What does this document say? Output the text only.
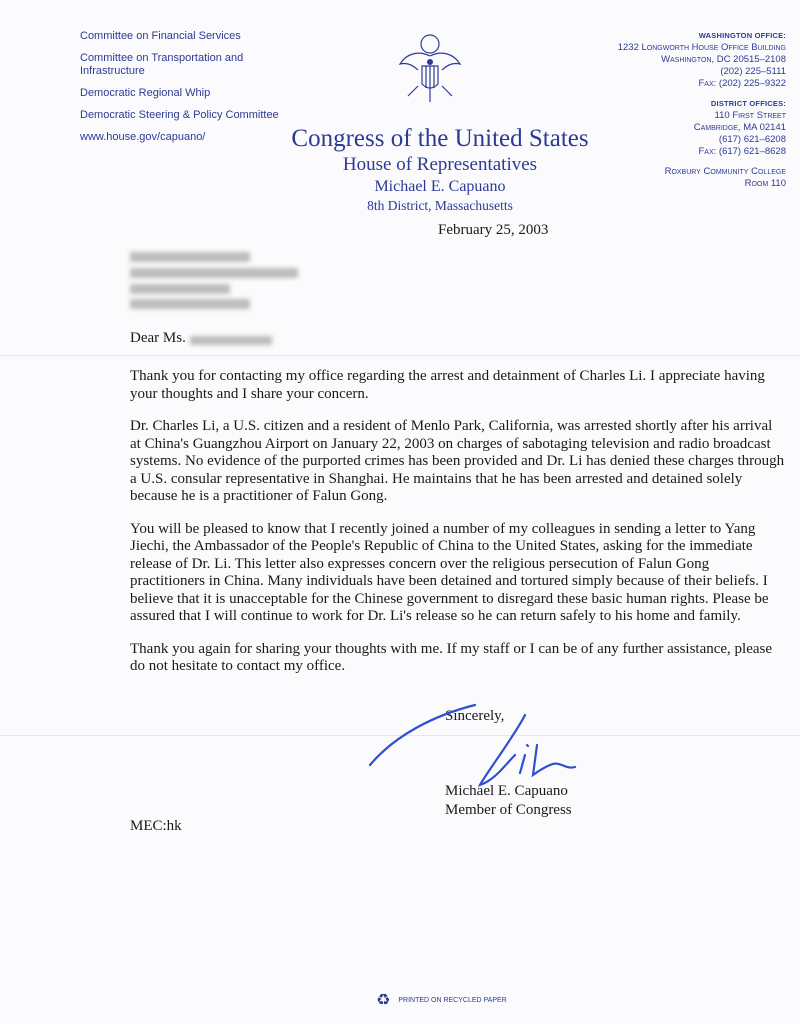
Committee on Financial Services
Committee on Transportation and Infrastructure
Democratic Regional Whip
Democratic Steering & Policy Committee
www.house.gov/capuano/	Congress of the United States
House of Representatives
Michael E. Capuano
8th District, Massachusetts
WASHINGTON OFFICE:
1232 Longworth House Office Building
Washington, DC 20515–2108
(202) 225–5111
Fax: (202) 225–9322
DISTRICT OFFICES:
110 First Street
Cambridge, MA 02141
(617) 621–6208
Fax: (617) 621–8628
Roxbury Community College
Room 110
February 25, 2003
Dear Ms.

Thank you for contacting my office regarding the arrest and detainment of Charles Li. I appreciate having your thoughts and I share your concern.

Dr. Charles Li, a U.S. citizen and a resident of Menlo Park, California, was arrested shortly after his arrival at China's Guangzhou Airport on January 22, 2003 on charges of sabotaging television and radio broadcast systems. No evidence of the purported crimes has been provided and Dr. Li has denied these charges through a U.S. consular representative in Shanghai. He maintains that he has been arrested and detained solely because he is a practitioner of Falun Gong.

You will be pleased to know that I recently joined a number of my colleagues in sending a letter to Yang Jiechi, the Ambassador of the People's Republic of China to the United States, asking for the immediate release of Dr. Li. This letter also expresses concern over the religious persecution of Falun Gong practitioners in China. Many individuals have been detained and tortured simply because of their beliefs. I believe that it is unacceptable for the Chinese government to disregard these basic human rights. Please be assured that I will continue to work for Dr. Li's release so he can return safely to his home and family.

Thank you again for sharing your thoughts with me. If my staff or I can be of any further assistance, please do not hesitate to contact my office.

Sincerely,
Michael E. Capuano
Member of Congress
MEC:hk
♻ PRINTED ON RECYCLED PAPER
